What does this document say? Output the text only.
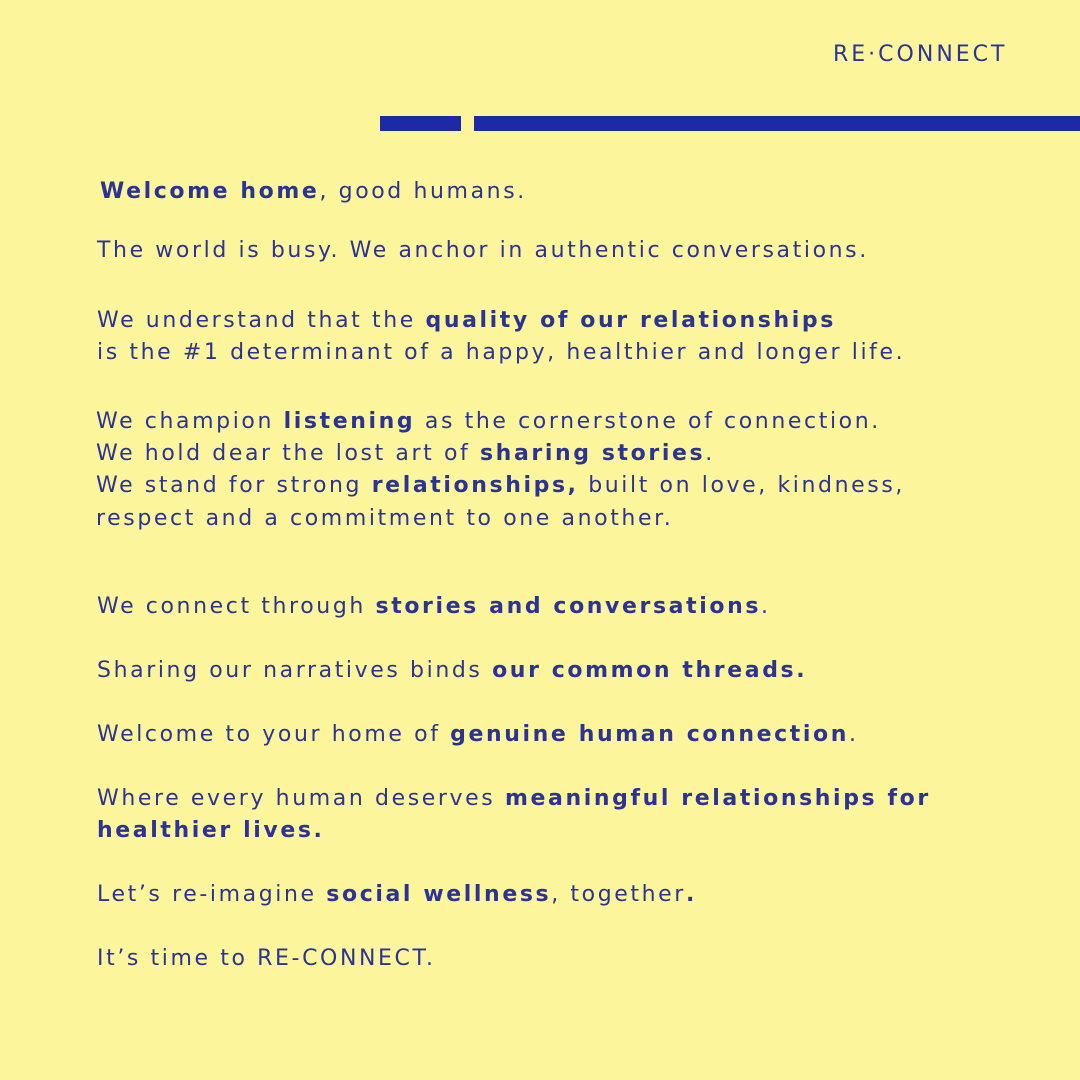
RE·CONNECT
Welcome home, good humans.
The world is busy. We anchor in authentic conversations.
We understand that the quality of our relationships
is the #1 determinant of a happy, healthier and longer life.
We champion listening as the cornerstone of connection.
We hold dear the lost art of sharing stories.
We stand for strong relationships, built on love, kindness,
respect and a commitment to one another.
We connect through stories and conversations.
Sharing our narratives binds our common threads.
Welcome to your home of genuine human connection.
Where every human deserves meaningful relationships for
healthier lives.
Let’s re-imagine social wellness, together.
It’s time to RE-CONNECT.
